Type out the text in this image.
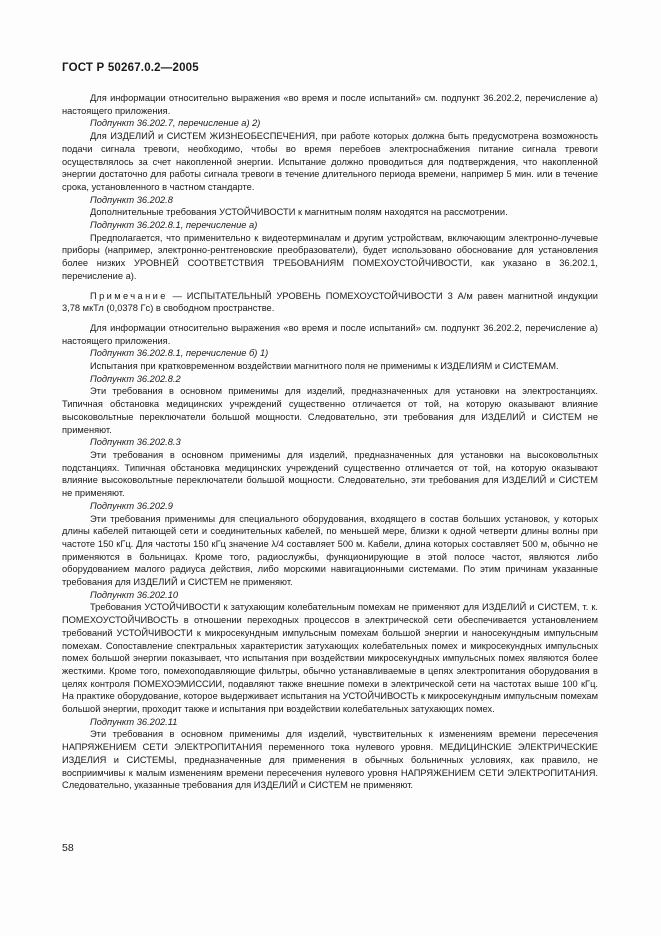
ГОСТ Р 50267.0.2—2005

Для информации относительно выражения «во время и после испытаний» см. подпункт 36.202.2, перечисление а) настоящего приложения.

Подпункт 36.202.7, перечисление а) 2)

Для ИЗДЕЛИЙ и СИСТЕМ ЖИЗНЕОБЕСПЕЧЕНИЯ, при работе которых должна быть предусмотрена возможность подачи сигнала тревоги, необходимо, чтобы во время перебоев электроснабжения питание сигнала тревоги осуществлялось за счет накопленной энергии. Испытание должно проводиться для подтверждения, что накопленной энергии достаточно для работы сигнала тревоги в течение длительного периода времени, например 5 мин. или в течение срока, установленного в частном стандарте.

Подпункт 36.202.8

Дополнительные требования УСТОЙЧИВОСТИ к магнитным полям находятся на рассмотрении.

Подпункт 36.202.8.1, перечисление а)

Предполагается, что применительно к видеотерминалам и другим устройствам, включающим электронно-лучевые приборы (например, электронно-рентгеновские преобразователи), будет использовано обоснование для установления более низких УРОВНЕЙ СООТВЕТСТВИЯ ТРЕБОВАНИЯМ ПОМЕХОУСТОЙЧИВОСТИ, как указано в 36.202.1, перечисление а).

Примечание — ИСПЫТАТЕЛЬНЫЙ УРОВЕНЬ ПОМЕХОУСТОЙЧИВОСТИ 3 А/м равен магнитной индукции 3,78 мкТл (0,0378 Гс) в свободном пространстве.

Для информации относительно выражения «во время и после испытаний» см. подпункт 36.202.2, перечисление а) настоящего приложения.

Подпункт 36.202.8.1, перечисление б) 1)

Испытания при кратковременном воздействии магнитного поля не применимы к ИЗДЕЛИЯМ и СИСТЕМАМ.

Подпункт 36.202.8.2

Эти требования в основном применимы для изделий, предназначенных для установки на электростанциях. Типичная обстановка медицинских учреждений существенно отличается от той, на которую оказывают влияние высоковольтные переключатели большой мощности. Следовательно, эти требования для ИЗДЕЛИЙ и СИСТЕМ не применяют.

Подпункт 36.202.8.3

Эти требования в основном применимы для изделий, предназначенных для установки на высоковольтных подстанциях. Типичная обстановка медицинских учреждений существенно отличается от той, на которую оказывают влияние высоковольтные переключатели большой мощности. Следовательно, эти требования для ИЗДЕЛИЙ и СИСТЕМ не применяют.

Подпункт 36.202.9

Эти требования применимы для специального оборудования, входящего в состав больших установок, у которых длины кабелей питающей сети и соединительных кабелей, по меньшей мере, близки к одной четверти длины волны при частоте 150 кГц. Для частоты 150 кГц значение λ/4 составляет 500 м. Кабели, длина которых составляет 500 м, обычно не применяются в больницах. Кроме того, радиослужбы, функционирующие в этой полосе частот, являются либо оборудованием малого радиуса действия, либо морскими навигационными системами. По этим причинам указанные требования для ИЗДЕЛИЙ и СИСТЕМ не применяют.

Подпункт 36.202.10

Требования УСТОЙЧИВОСТИ к затухающим колебательным помехам не применяют для ИЗДЕЛИЙ и СИСТЕМ, т. к. ПОМЕХОУСТОЙЧИВОСТЬ в отношении переходных процессов в электрической сети обеспечивается установлением требований УСТОЙЧИВОСТИ к микросекундным импульсным помехам большой энергии и наносекундным импульсным помехам. Сопоставление спектральных характеристик затухающих колебательных помех и микросекундных импульсных помех большой энергии показывает, что испытания при воздействии микросекундных импульсных помех являются более жесткими. Кроме того, помехоподавляющие фильтры, обычно устанавливаемые в цепях электропитания оборудования в целях контроля ПОМЕХОЭМИССИИ, подавляют также внешние помехи в электрической сети на частотах выше 100 кГц. На практике оборудование, которое выдерживает испытания на УСТОЙЧИВОСТЬ к микросекундным импульсным помехам большой энергии, проходит также и испытания при воздействии колебательных затухающих помех.

Подпункт 36.202.11

Эти требования в основном применимы для изделий, чувствительных к изменениям времени пересечения НАПРЯЖЕНИЕМ СЕТИ ЭЛЕКТРОПИТАНИЯ переменного тока нулевого уровня. МЕДИЦИНСКИЕ ЭЛЕКТРИЧЕСКИЕ ИЗДЕЛИЯ и СИСТЕМЫ, предназначенные для применения в обычных больничных условиях, как правило, не восприимчивы к малым изменениям времени пересечения нулевого уровня НАПРЯЖЕНИЕМ СЕТИ ЭЛЕКТРОПИТАНИЯ. Следовательно, указанные требования для ИЗДЕЛИЙ и СИСТЕМ не применяют.

58
